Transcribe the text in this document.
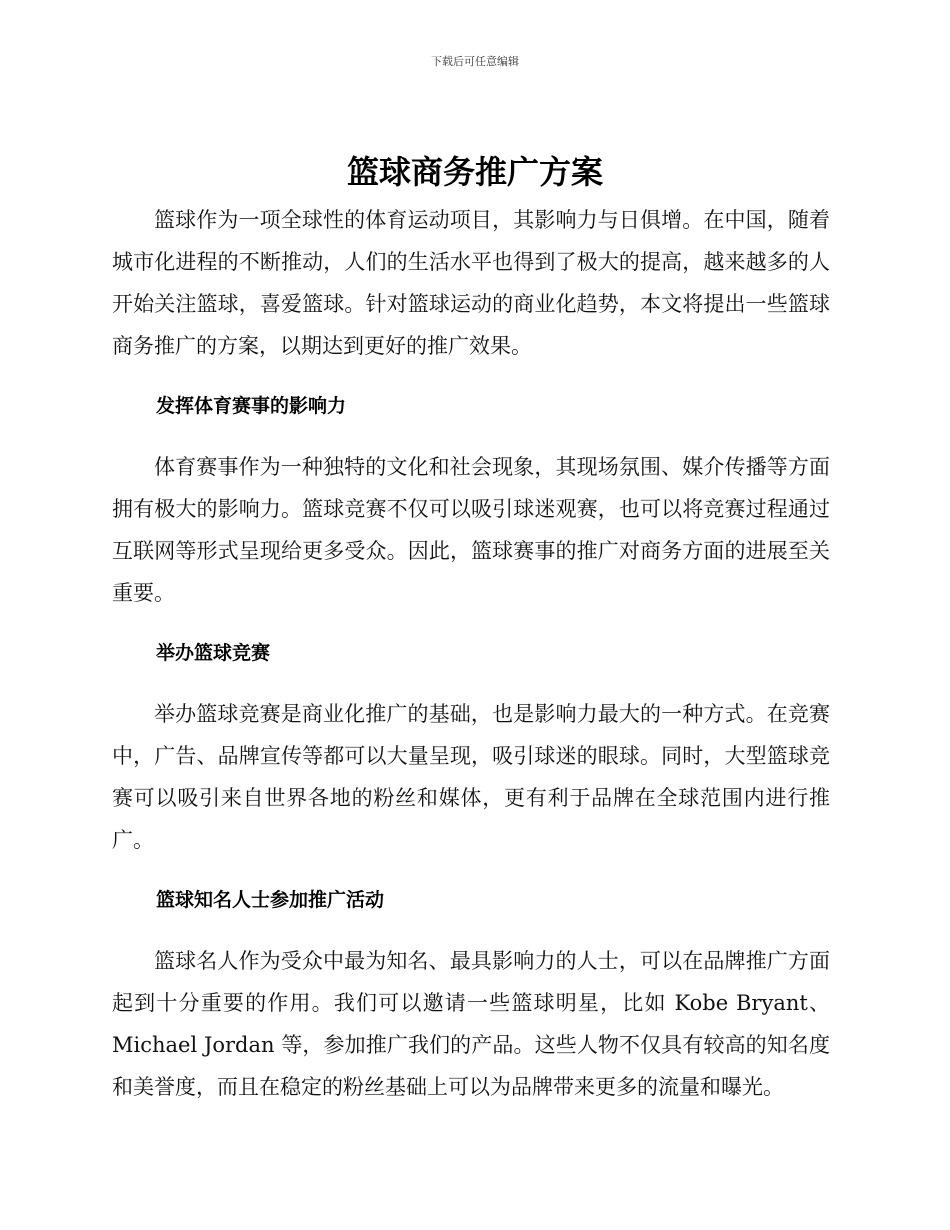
下载后可任意编辑
篮球商务推广方案

篮球作为一项全球性的体育运动项目，其影响力与日俱增。在中国，随着城市化进程的不断推动，人们的生活水平也得到了极大的提高，越来越多的人开始关注篮球，喜爱篮球。针对篮球运动的商业化趋势，本文将提出一些篮球商务推广的方案，以期达到更好的推广效果。

发挥体育赛事的影响力

体育赛事作为一种独特的文化和社会现象，其现场氛围、媒介传播等方面拥有极大的影响力。篮球竞赛不仅可以吸引球迷观赛，也可以将竞赛过程通过互联网等形式呈现给更多受众。因此，篮球赛事的推广对商务方面的进展至关重要。

举办篮球竞赛

举办篮球竞赛是商业化推广的基础，也是影响力最大的一种方式。在竞赛中，广告、品牌宣传等都可以大量呈现，吸引球迷的眼球。同时，大型篮球竞赛可以吸引来自世界各地的粉丝和媒体，更有利于品牌在全球范围内进行推广。

篮球知名人士参加推广活动

篮球名人作为受众中最为知名、最具影响力的人士，可以在品牌推广方面起到十分重要的作用。我们可以邀请一些篮球明星，比如 Kobe Bryant、Michael Jordan 等，参加推广我们的产品。这些人物不仅具有较高的知名度和美誉度，而且在稳定的粉丝基础上可以为品牌带来更多的流量和曝光。
